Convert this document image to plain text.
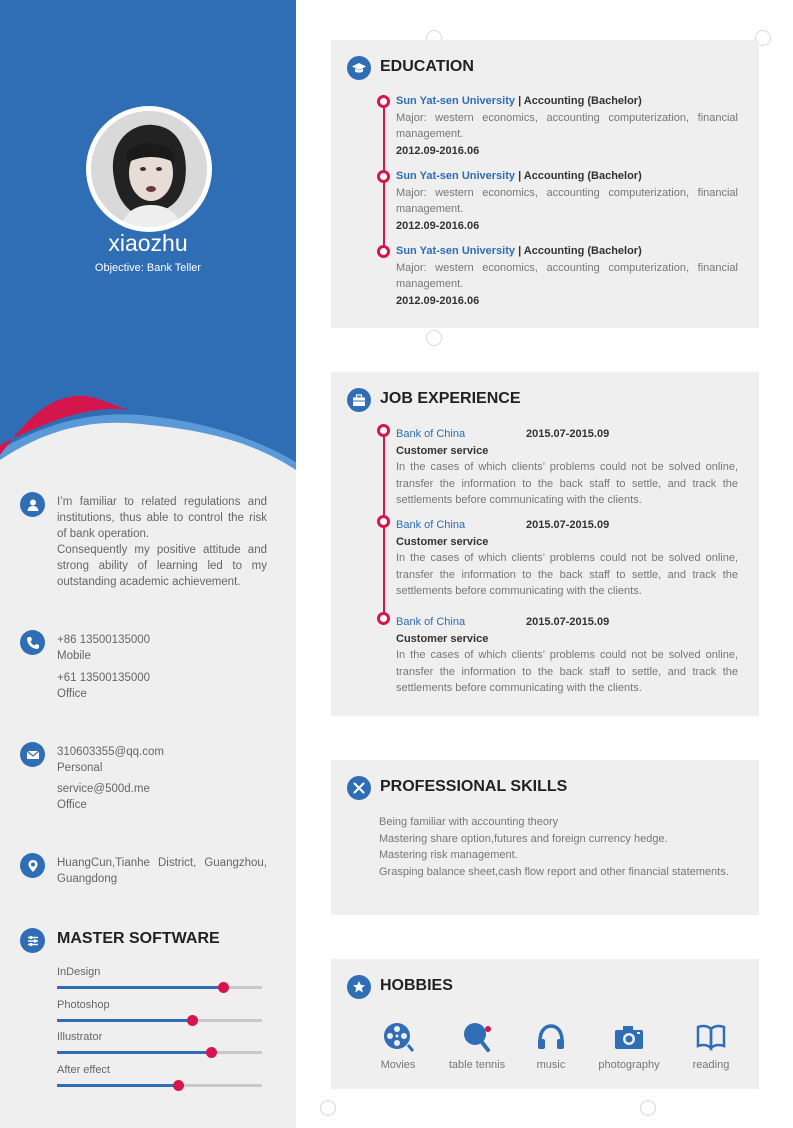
xiaozhu
Objective: Bank Teller

I’m familiar to related regulations and institutions, thus able to control the risk of bank operation.

Consequently my positive attitude and strong ability of learning led to my outstanding academic achievement.

+86 13500135000
Mobile
+61 13500135000
Office
310603355@qq.com
Personal
service@500d.me
Office

HuangCun,Tianhe District, Guangzhou, Guangdong

MASTER SOFTWARE
InDesign
Photoshop
Illustrator
After effect
EDUCATION
Sun Yat-sen University | Accounting (Bachelor)

Major: western economics, accounting computerization, financial management.

2012.09-2016.06
Sun Yat-sen University | Accounting (Bachelor)

Major: western economics, accounting computerization, financial management.

2012.09-2016.06
Sun Yat-sen University | Accounting (Bachelor)

Major: western economics, accounting computerization, financial management.

2012.09-2016.06
JOB EXPERIENCE
Bank of China	2015.07-2015.09
Customer service

In the cases of which clients’ problems could not be solved online, transfer the information to the back staff to settle, and track the settlements before communicating with the clients.

Bank of China	2015.07-2015.09
Customer service

In the cases of which clients’ problems could not be solved online, transfer the information to the back staff to settle, and track the settlements before communicating with the clients.

Bank of China	2015.07-2015.09
Customer service

In the cases of which clients’ problems could not be solved online, transfer the information to the back staff to settle, and track the settlements before communicating with the clients.

PROFESSIONAL SKILLS

Being familiar with accounting theory

Mastering share option,futures and foreign currency hedge.

Mastering risk management.

Grasping balance sheet,cash flow report and other financial statements.

HOBBIES
Movies	table tennis	music	photography	reading
